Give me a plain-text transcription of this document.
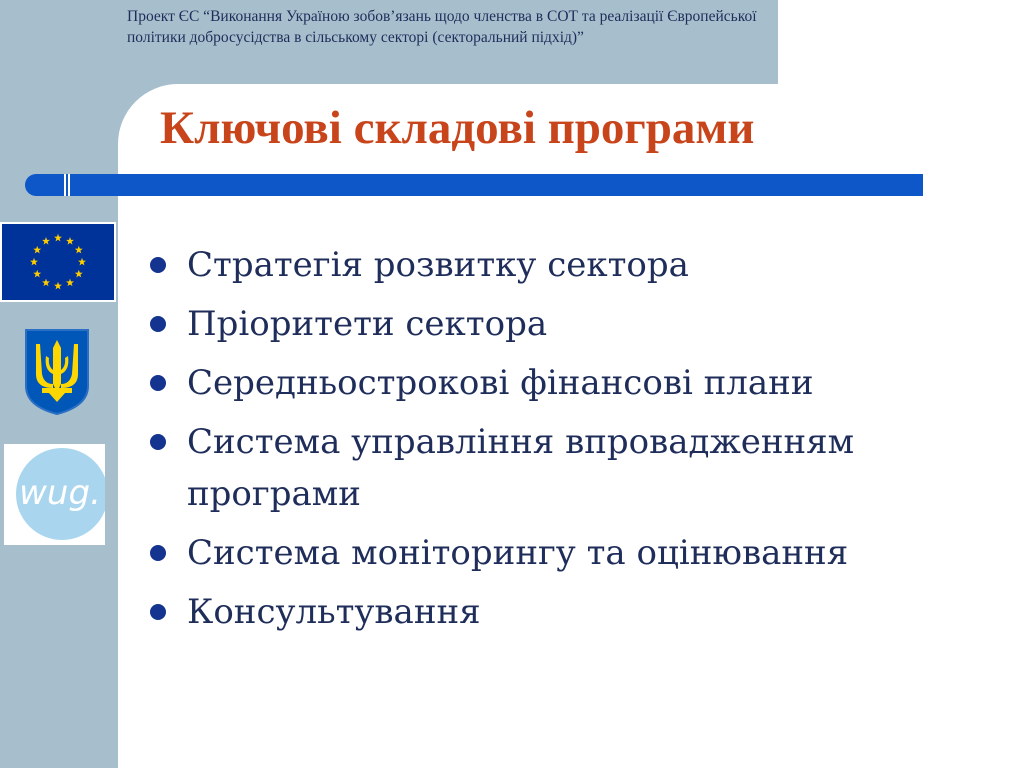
Проект ЄС “Виконання Україною зобов’язань щодо членства в СОТ та реалізації Європейської політики добросусідства в сільському секторі (секторальний підхід)”

Ключові складові програми
wug.
Стратегія розвитку сектора
Пріоритети сектора
Середньострокові фінансові плани
Система управління впровадженням програми
Система моніторингу та оцінювання
Консультування
